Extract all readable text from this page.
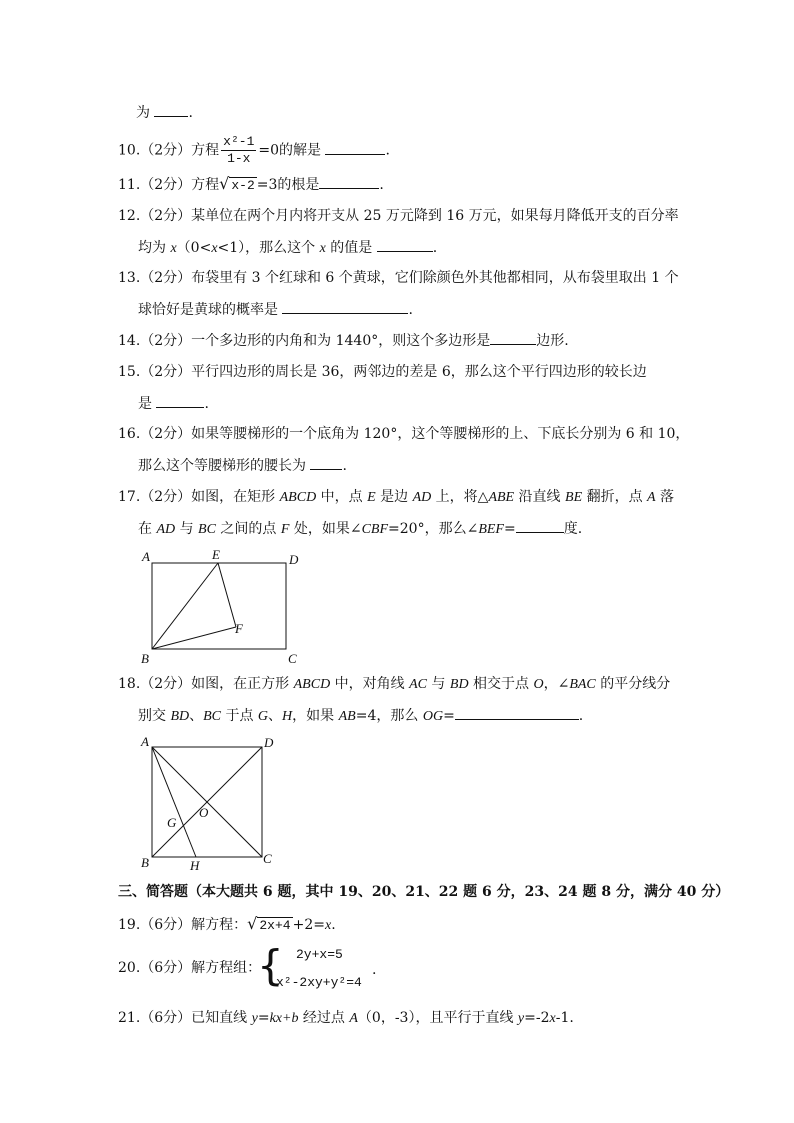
为	.
10.（2分）方程 $\frac{\text{x²-1}}{1-x} =0$的解是	.
11.（2分）方程√ x-2 =3的根是	.
12.（2分）某单位在两个月内将开支从 25 万元降到 16 万元，如果每月降低开支的百分率
均为 x（0<x<1），那么这个 x 的值是	.
13.（2分）布袋里有 3 个红球和 6 个黄球，它们除颜色外其他都相同，从布袋里取出 1 个
球恰好是黄球的概率是	.
14.（2分）一个多边形的内角和为 1440°，则这个多边形是	边形.
15.（2分）平行四边形的周长是 36，两邻边的差是 6，那么这个平行四边形的较长边
是	.
16.（2分）如果等腰梯形的一个底角为 120°，这个等腰梯形的上、下底长分别为 6 和 10，
那么这个等腰梯形的腰长为	.
17.（2分）如图，在矩形 ABCD 中，点 E 是边 AD 上，将△ABE 沿直线 BE 翻折，点 A 落
在 AD 与 BC 之间的点 F 处，如果∠CBF=20°，那么∠BEF=	度.
A	E	D
F
B	C
18.（2分）如图，在正方形 ABCD 中，对角线 AC 与 BD 相交于点 O，∠BAC 的平分线分
别交 BD、BC 于点 G、H，如果 AB=4，那么 OG=	.
A	D
O
G
B	H	C
三、简答题（本大题共 6 题，其中 19、20、21、22 题 6 分，23、24 题 8 分，满分 40 分）
19.（6分）解方程：√ 2x+4 +2=x.
20.（6分）解方程组：
{ 2y+x=5
x²-2xy+y²=4
.
21.（6分）已知直线 y=kx+b 经过点 A（0，-3），且平行于直线 y=-2x-1.
